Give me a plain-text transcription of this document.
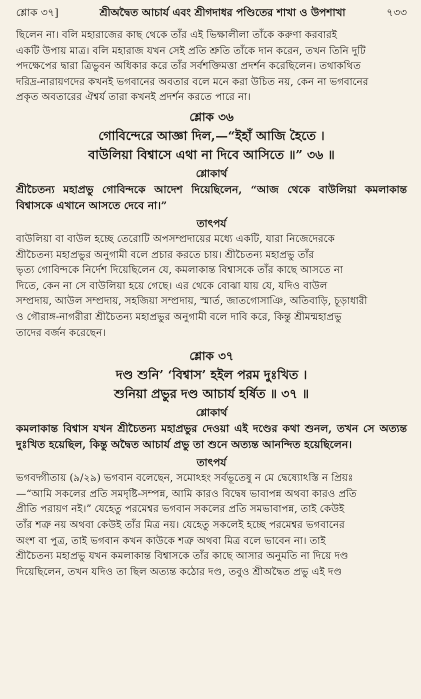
শ্লোক ৩৭]	শ্রীঅদ্বৈত আচার্য এবং শ্রীগদাধর পণ্ডিতের শাখা ও উপশাখা	৭৩৩

ছিলেন না। বলি মহারাজের কাছ থেকে তাঁর এই ভিক্ষালীলা তাঁকে করুণা করবারই

একটি উপায় মাত্র। বলি মহারাজ যখন সেই প্রতি শ্রুতি তাঁকে দান করেন, তখন তিনি দুটি

পদক্ষেপের দ্বারা ত্রিভুবন অধিকার করে তাঁর সর্বশক্তিমত্তা প্রদর্শন করেছিলেন। তথাকথিত

দরিদ্র-নারায়ণদের কখনই ভগবানের অবতার বলে মনে করা উচিত নয়, কেন না ভগবানের

প্রকৃত অবতারের ঐশ্বর্য তারা কখনই প্রদর্শন করতে পারে না।

শ্লোক ৩৬
গোবিন্দেরে আজ্ঞা দিল,—“ইহাঁ আজি হৈতে ।
বাউলিয়া বিশ্বাসে এথা না দিবে আসিতে ॥” ৩৬ ॥
শ্লোকার্থ
শ্রীচৈতন্য মহাপ্রভু গোবিন্দকে আদেশ দিয়েছিলেন, “আজ থেকে বাউলিয়া কমলাকান্ত বিশ্বাসকে এখানে আসতে দেবে না।”
তাৎপর্য

বাউলিয়া বা বাউল হচ্ছে তেরোটি অপসম্প্রদায়ের মধ্যে একটি, যারা নিজেদেরকে

শ্রীচৈতন্য মহাপ্রভুর অনুগামী বলে প্রচার করতে চায়। শ্রীচৈতন্য মহাপ্রভু তাঁর

ভৃত্য গোবিন্দকে নির্দেশ দিয়েছিলেন যে, কমলাকান্ত বিশ্বাসকে তাঁর কাছে আসতে না

দিতে, কেন না সে বাউলিয়া হয়ে গেছে। এর থেকে বোঝা যায় যে, যদিও বাউল

সম্প্রদায়, আউল সম্প্রদায়, সহজিয়া সম্প্রদায়, স্মার্ত, জাতগোসাঞি, অতিবাড়ি, চূড়াধারী

ও গৌরাঙ্গ-নাগরীরা শ্রীচৈতন্য মহাপ্রভুর অনুগামী বলে দাবি করে, কিন্তু শ্রীমন্মহাপ্রভু

তাদের বর্জন করেছেন।

শ্লোক ৩৭
দণ্ড শুনি’ ‘বিশ্বাস’ হইল পরম দুঃখিত ।
শুনিয়া প্রভুর দণ্ড আচার্য হর্ষিত ॥ ৩৭ ॥
শ্লোকার্থ
কমলাকান্ত বিশ্বাস যখন শ্রীচৈতন্য মহাপ্রভুর দেওয়া এই দণ্ডের কথা শুনল, তখন সে অত্যন্ত দুঃখিত হয়েছিল, কিন্তু অদ্বৈত আচার্য প্রভু তা শুনে অত্যন্ত আনন্দিত হয়েছিলেন।
তাৎপর্য

ভগবদ্গীতায় (৯/২৯) ভগবান বলেছেন, সমোঽহং সর্বভূতেষু ন মে দ্বেষ্যোঽস্তি ন প্রিয়ঃ

—“আমি সকলের প্রতি সমদৃষ্টি-সম্পন্ন, আমি কারও বিদ্বেষ ভাবাপন্ন অথবা কারও প্রতি

প্রীতি পরায়ণ নই।” যেহেতু পরমেশ্বর ভগবান সকলের প্রতি সমভাবাপন্ন, তাই কেউই

তাঁর শত্রু নয় অথবা কেউই তাঁর মিত্র নয়। যেহেতু সকলেই হচ্ছে পরমেশ্বর ভগবানের

অংশ বা পুত্র, তাই ভগবান কখন কাউকে শত্রু অথবা মিত্র বলে ভাবেন না। তাই

শ্রীচৈতন্য মহাপ্রভু যখন কমলাকান্ত বিশ্বাসকে তাঁর কাছে আসার অনুমতি না দিয়ে দণ্ড

দিয়েছিলেন, তখন যদিও তা ছিল অত্যন্ত কঠোর দণ্ড, তবুও শ্রীঅদ্বৈত প্রভু এই দণ্ড
